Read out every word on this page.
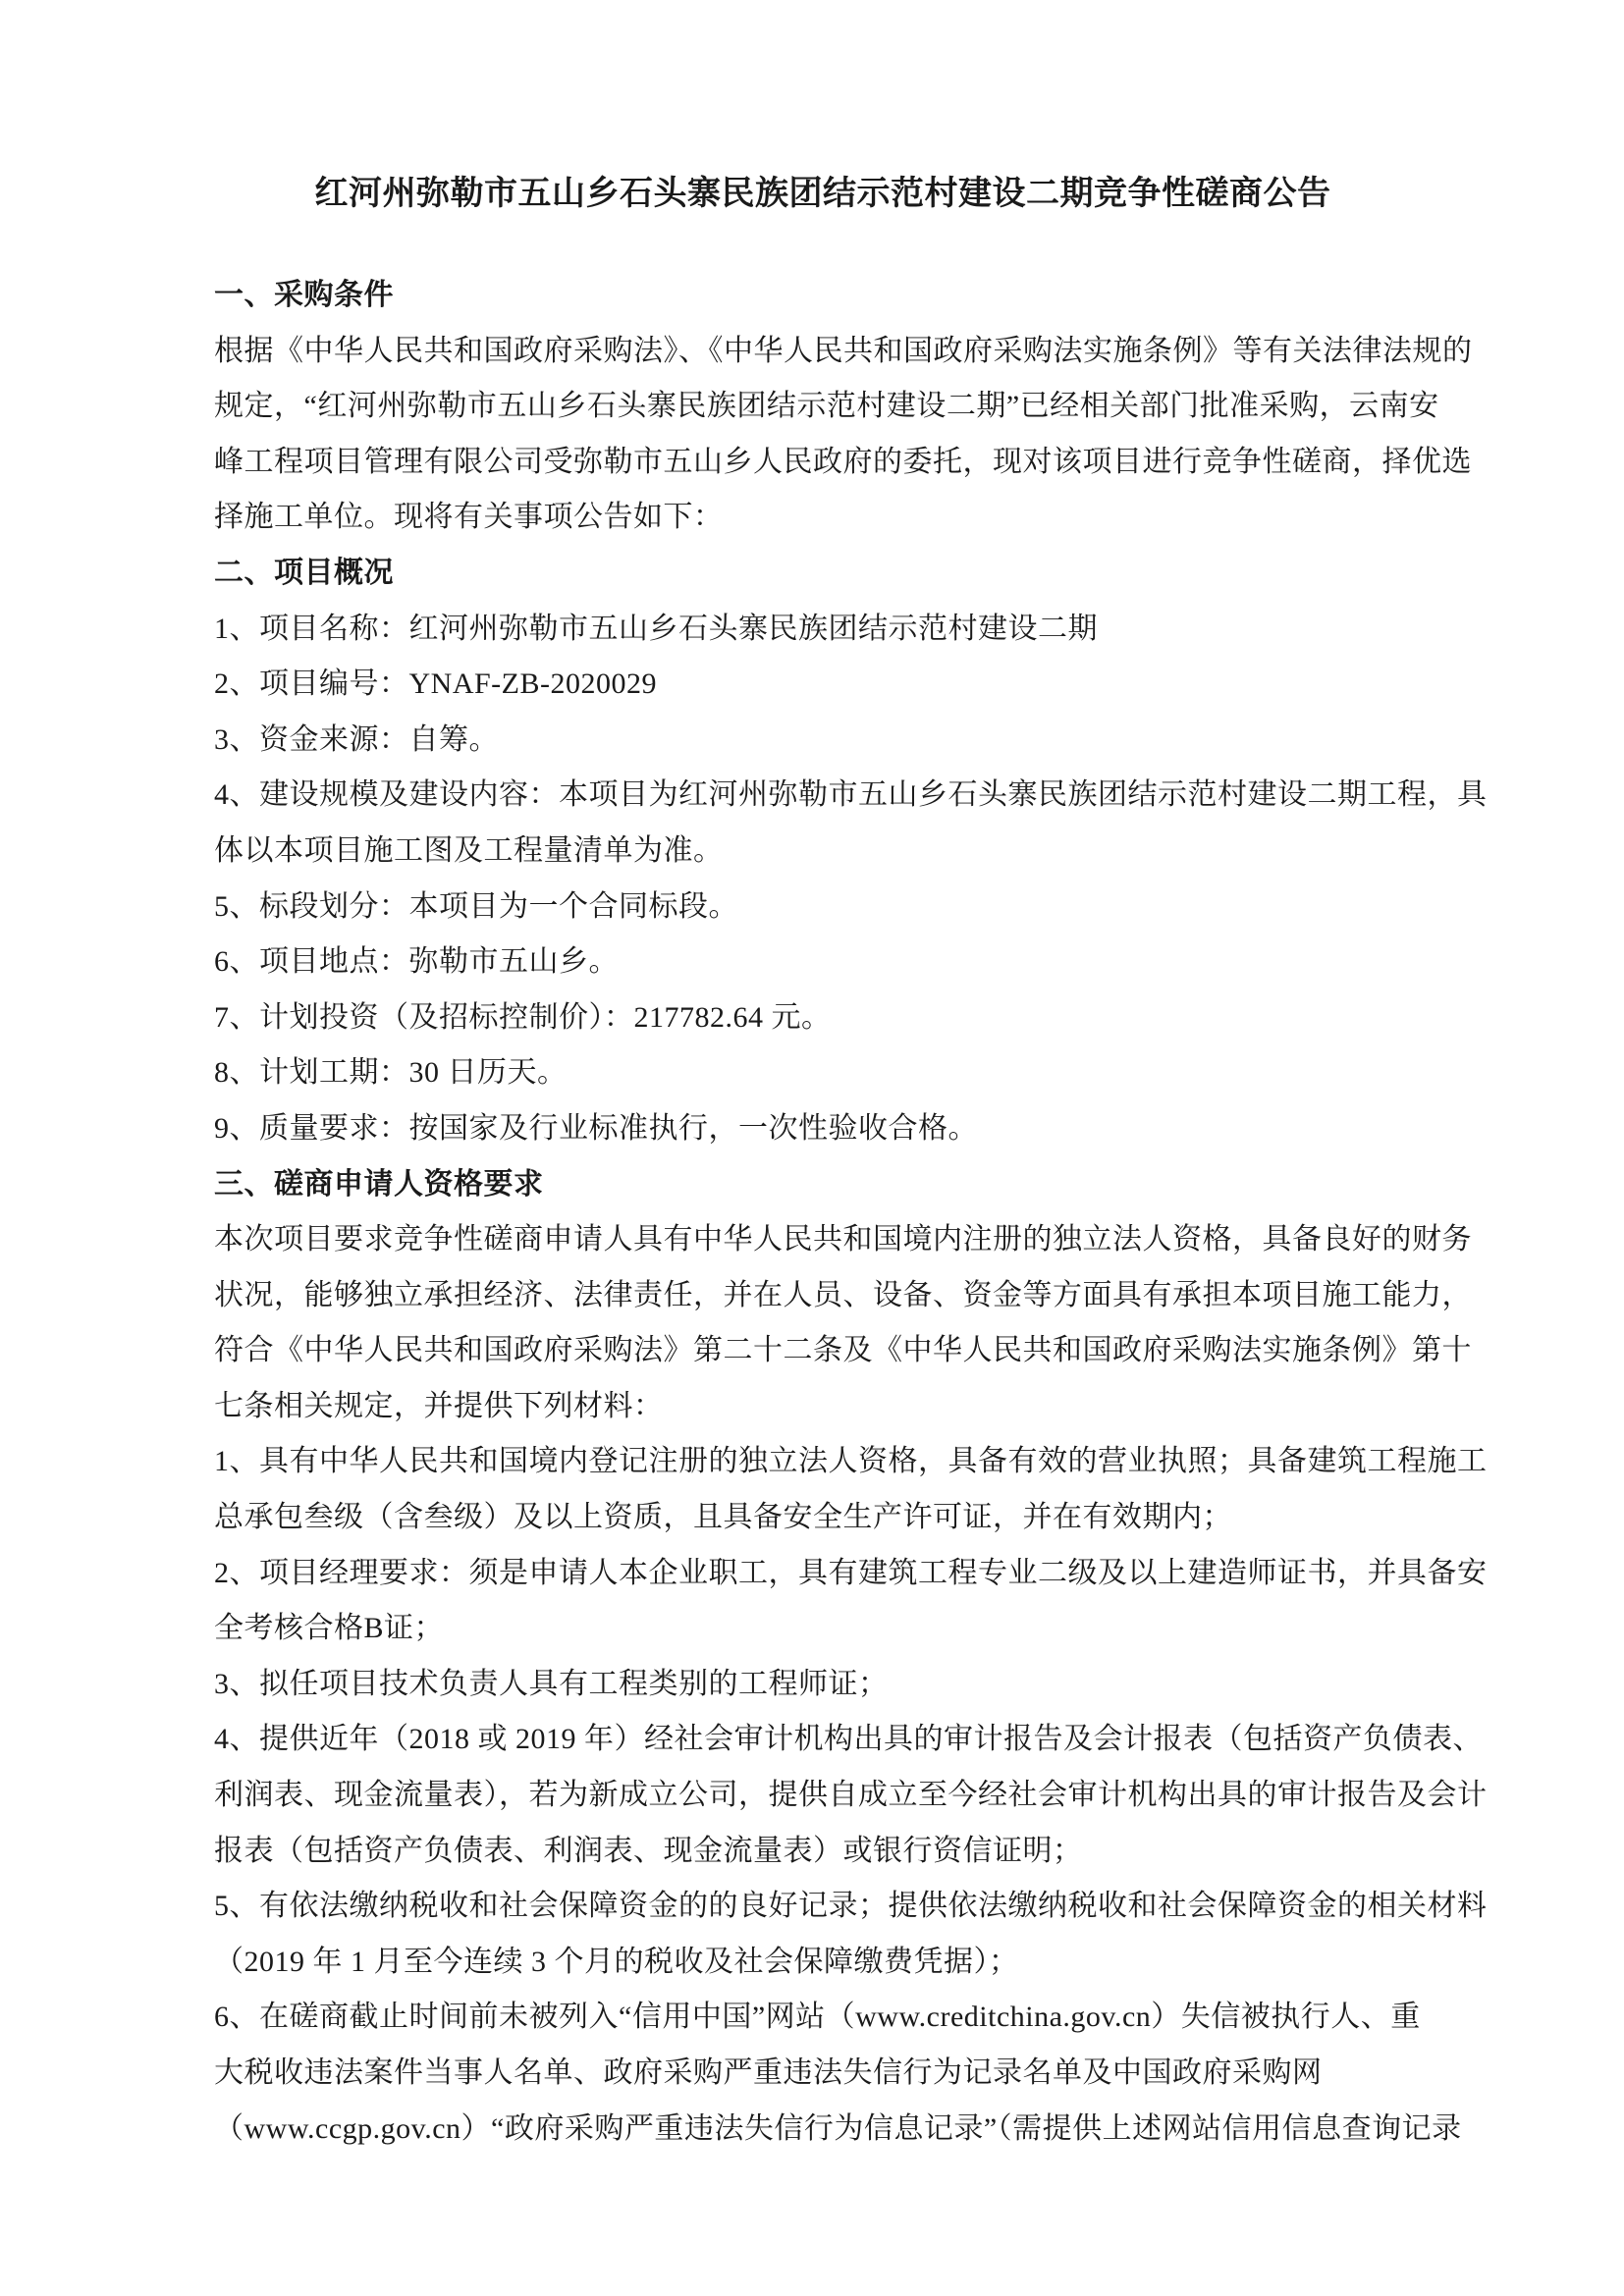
红河州弥勒市五山乡石头寨民族团结示范村建设二期竞争性磋商公告
一、采购条件
根据《中华人民共和国政府采购法》、《中华人民共和国政府采购法实施条例》等有关法律法规的
规定，“红河州弥勒市五山乡石头寨民族团结示范村建设二期”已经相关部门批准采购，云南安
峰工程项目管理有限公司受弥勒市五山乡人民政府的委托，现对该项目进行竞争性磋商，择优选
择施工单位。现将有关事项公告如下：
二、项目概况
1、项目名称：红河州弥勒市五山乡石头寨民族团结示范村建设二期
2、项目编号：YNAF-ZB-2020029
3、资金来源：自筹。
4、建设规模及建设内容：本项目为红河州弥勒市五山乡石头寨民族团结示范村建设二期工程，具
体以本项目施工图及工程量清单为准。
5、标段划分：本项目为一个合同标段。
6、项目地点：弥勒市五山乡。
7、计划投资（及招标控制价）：217782.64 元。
8、计划工期：30 日历天。
9、质量要求：按国家及行业标准执行，一次性验收合格。
三、磋商申请人资格要求
本次项目要求竞争性磋商申请人具有中华人民共和国境内注册的独立法人资格，具备良好的财务
状况，能够独立承担经济、法律责任，并在人员、设备、资金等方面具有承担本项目施工能力，
符合《中华人民共和国政府采购法》第二十二条及《中华人民共和国政府采购法实施条例》第十
七条相关规定，并提供下列材料：
1、具有中华人民共和国境内登记注册的独立法人资格，具备有效的营业执照；具备建筑工程施工
总承包叁级（含叁级）及以上资质，且具备安全生产许可证，并在有效期内；
2、项目经理要求：须是申请人本企业职工，具有建筑工程专业二级及以上建造师证书，并具备安
全考核合格B证；
3、拟任项目技术负责人具有工程类别的工程师证；
4、提供近年（2018 或 2019 年）经社会审计机构出具的审计报告及会计报表（包括资产负债表、
利润表、现金流量表），若为新成立公司，提供自成立至今经社会审计机构出具的审计报告及会计
报表（包括资产负债表、利润表、现金流量表）或银行资信证明；
5、有依法缴纳税收和社会保障资金的的良好记录；提供依法缴纳税收和社会保障资金的相关材料
（2019 年 1 月至今连续 3 个月的税收及社会保障缴费凭据）；
6、在磋商截止时间前未被列入“信用中国”网站（www.creditchina.gov.cn）失信被执行人、重
大税收违法案件当事人名单、政府采购严重违法失信行为记录名单及中国政府采购网
（www.ccgp.gov.cn）“政府采购严重违法失信行为信息记录”（需提供上述网站信用信息查询记录
